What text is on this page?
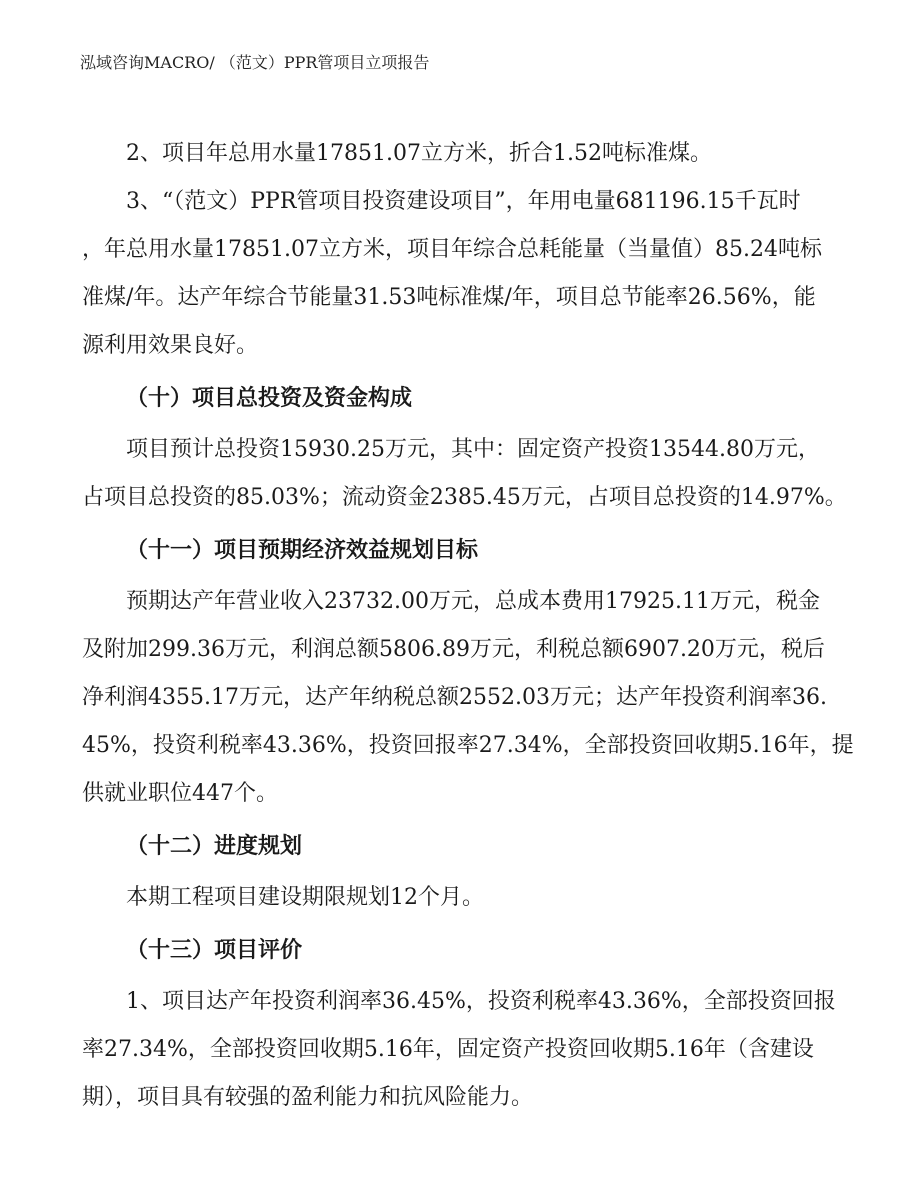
泓域咨询MACRO/ （范文）PPR管项目立项报告

2、项目年总用水量17851.07立方米，折合1.52吨标准煤。

3、“（范文）PPR管项目投资建设项目”，年用电量681196.15千瓦时
，年总用水量17851.07立方米，项目年综合总耗能量（当量值）85.24吨标
准煤/年。达产年综合节能量31.53吨标准煤/年，项目总节能率26.56%，能
源利用效果良好。

（十）项目总投资及资金构成

项目预计总投资15930.25万元，其中：固定资产投资13544.80万元，
占项目总投资的85.03%；流动资金2385.45万元，占项目总投资的14.97%。

（十一）项目预期经济效益规划目标

预期达产年营业收入23732.00万元，总成本费用17925.11万元，税金
及附加299.36万元，利润总额5806.89万元，利税总额6907.20万元，税后
净利润4355.17万元，达产年纳税总额2552.03万元；达产年投资利润率36.
45%，投资利税率43.36%，投资回报率27.34%，全部投资回收期5.16年，提
供就业职位447个。

（十二）进度规划

本期工程项目建设期限规划12个月。

（十三）项目评价

1、项目达产年投资利润率36.45%，投资利税率43.36%，全部投资回报
率27.34%，全部投资回收期5.16年，固定资产投资回收期5.16年（含建设
期），项目具有较强的盈利能力和抗风险能力。
